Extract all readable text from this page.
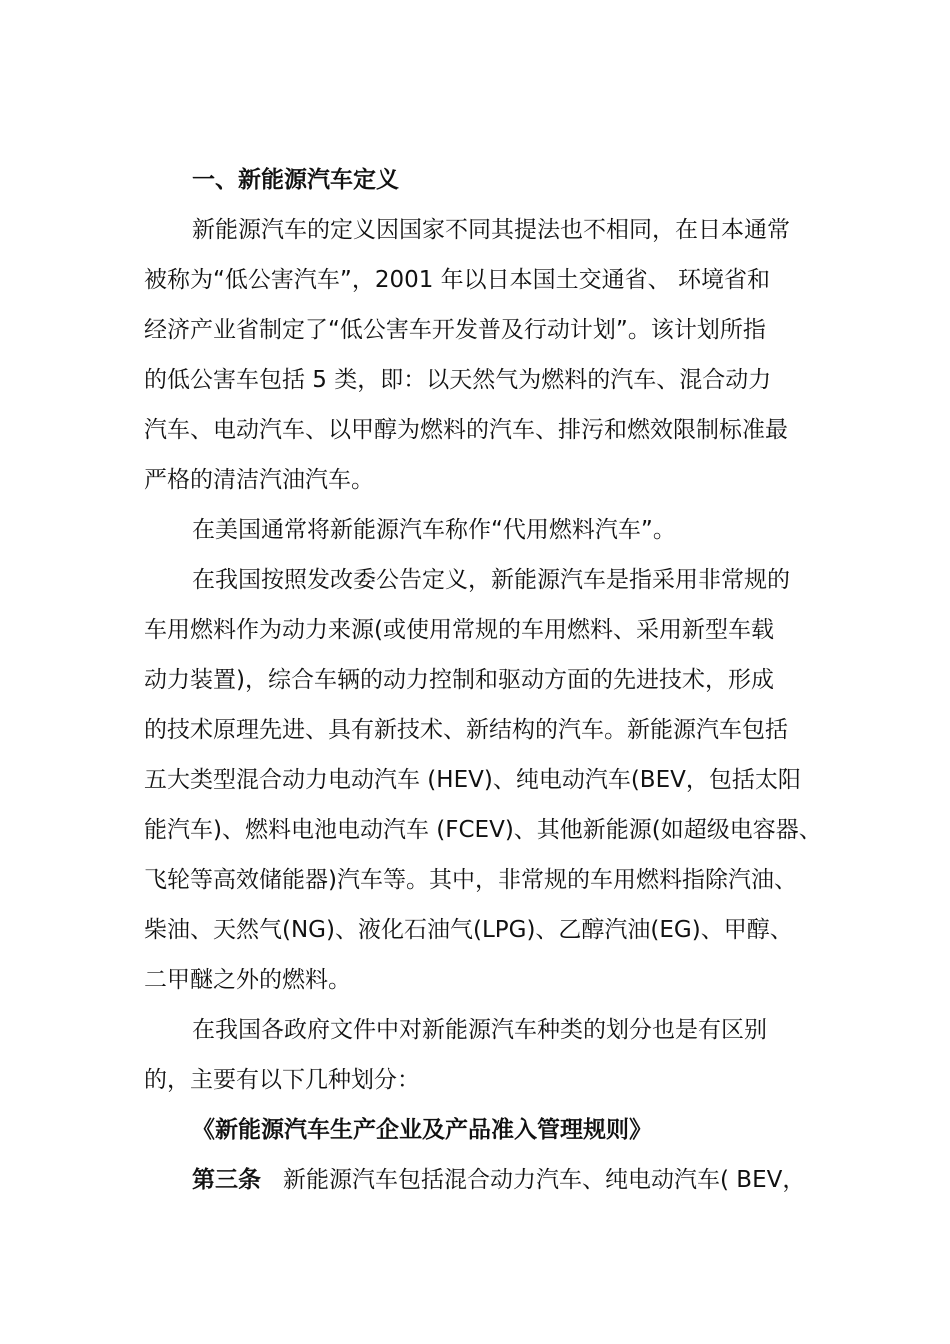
一、新能源汽车定义
新能源汽车的定义因国家不同其提法也不相同，在日本通常
被称为“低公害汽车”，2001 年以日本国土交通省、 环境省和
经济产业省制定了“低公害车开发普及行动计划”。该计划所指
的低公害车包括 5 类，即：以天然气为燃料的汽车、混合动力
汽车、电动汽车、以甲醇为燃料的汽车、排污和燃效限制标准最
严格的清洁汽油汽车。
在美国通常将新能源汽车称作“代用燃料汽车”。
在我国按照发改委公告定义，新能源汽车是指采用非常规的
车用燃料作为动力来源(或使用常规的车用燃料、采用新型车载
动力装置)，综合车辆的动力控制和驱动方面的先进技术，形成
的技术原理先进、具有新技术、新结构的汽车。新能源汽车包括
五大类型混合动力电动汽车 (HEV)、纯电动汽车(BEV，包括太阳
能汽车)、燃料电池电动汽车 (FCEV)、其他新能源(如超级电容器、
飞轮等高效储能器)汽车等。其中，非常规的车用燃料指除汽油、
柴油、天然气(NG)、液化石油气(LPG)、乙醇汽油(EG)、甲醇、
二甲醚之外的燃料。
在我国各政府文件中对新能源汽车种类的划分也是有区别
的，主要有以下几种划分：
《新能源汽车生产企业及产品准入管理规则》
第三条 新能源汽车包括混合动力汽车、纯电动汽车( BEV，
